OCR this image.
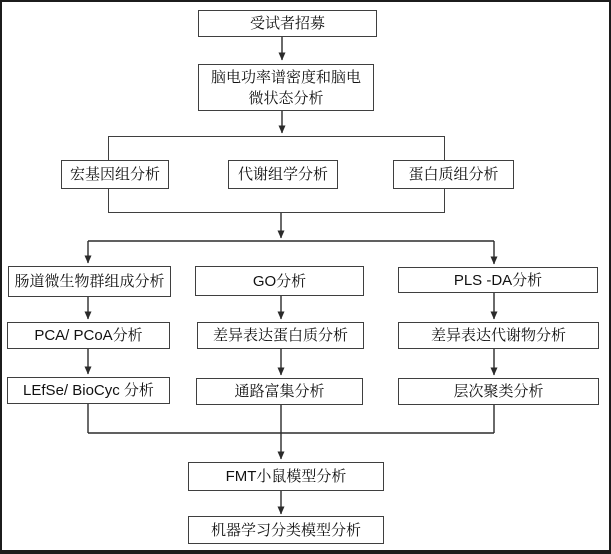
受试者招募
脑电功率谱密度和脑电微状态分析
宏基因组分析	代谢组学分析	蛋白质组分析
肠道微生物群组成分析	GO分析	PLS -DA分析
PCA/ PCoA分析	差异表达蛋白质分析	差异表达代谢物分析
LEfSe/ BioCyc 分析	通路富集分析	层次聚类分析
FMT小鼠模型分析
机器学习分类模型分析
